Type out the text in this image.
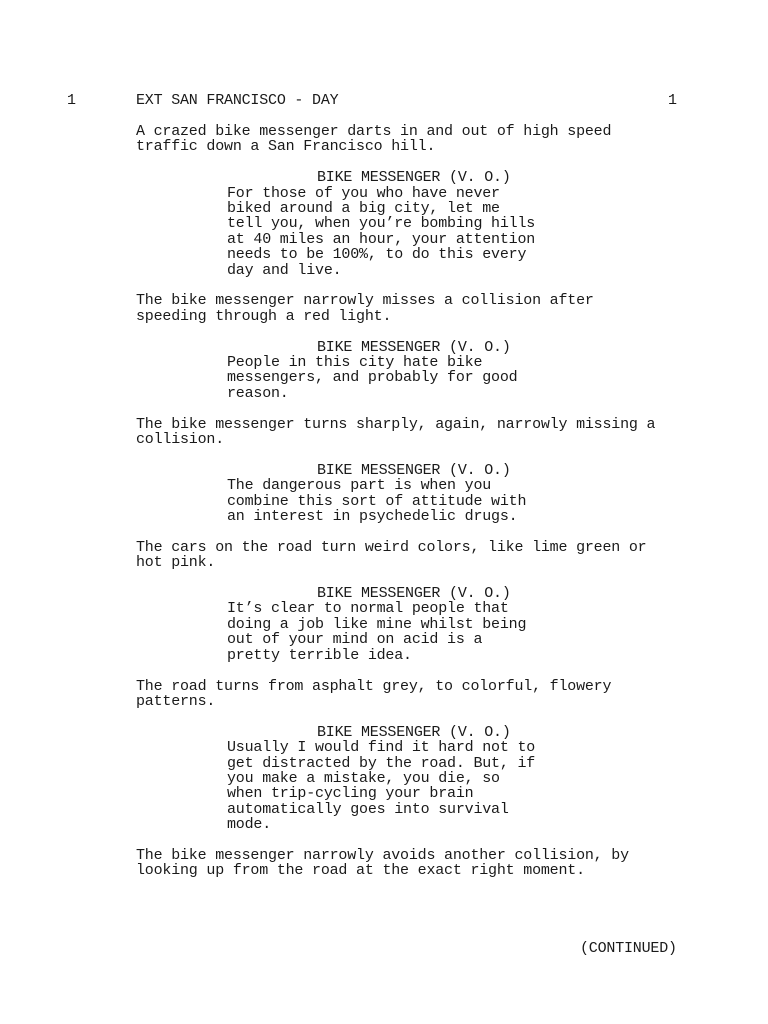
1	EXT SAN FRANCISCO - DAY	1
A crazed bike messenger darts in and out of high speed
traffic down a San Francisco hill.
BIKE MESSENGER (V. O.)
For those of you who have never
biked around a big city, let me
tell you, when you’re bombing hills
at 40 miles an hour, your attention
needs to be 100%, to do this every
day and live.
The bike messenger narrowly misses a collision after
speeding through a red light.
BIKE MESSENGER (V. O.)
People in this city hate bike
messengers, and probably for good
reason.
The bike messenger turns sharply, again, narrowly missing a
collision.
BIKE MESSENGER (V. O.)
The dangerous part is when you
combine this sort of attitude with
an interest in psychedelic drugs.
The cars on the road turn weird colors, like lime green or
hot pink.
BIKE MESSENGER (V. O.)
It’s clear to normal people that
doing a job like mine whilst being
out of your mind on acid is a
pretty terrible idea.
The road turns from asphalt grey, to colorful, flowery
patterns.
BIKE MESSENGER (V. O.)
Usually I would find it hard not to
get distracted by the road. But, if
you make a mistake, you die, so
when trip-cycling your brain
automatically goes into survival
mode.
The bike messenger narrowly avoids another collision, by
looking up from the road at the exact right moment.
(CONTINUED)
